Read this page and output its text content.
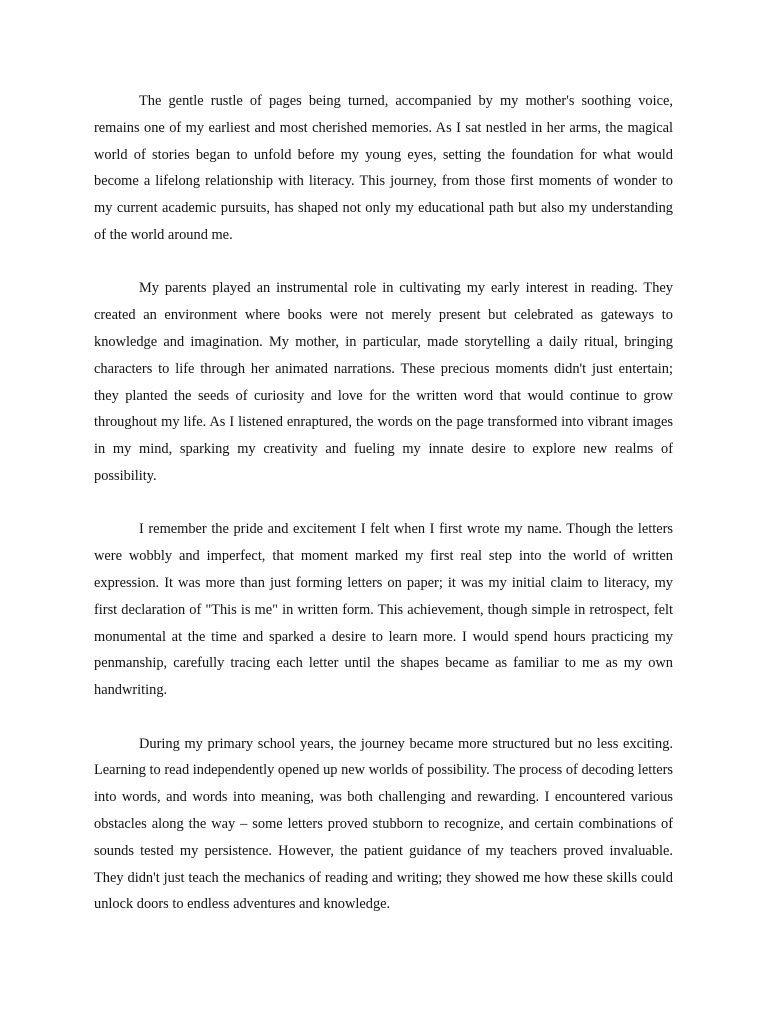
The gentle rustle of pages being turned, accompanied by my mother's soothing voice, remains one of my earliest and most cherished memories. As I sat nestled in her arms, the magical world of stories began to unfold before my young eyes, setting the foundation for what would become a lifelong relationship with literacy. This journey, from those first moments of wonder to my current academic pursuits, has shaped not only my educational path but also my understanding of the world around me.

My parents played an instrumental role in cultivating my early interest in reading. They created an environment where books were not merely present but celebrated as gateways to knowledge and imagination. My mother, in particular, made storytelling a daily ritual, bringing characters to life through her animated narrations. These precious moments didn't just entertain; they planted the seeds of curiosity and love for the written word that would continue to grow throughout my life. As I listened enraptured, the words on the page transformed into vibrant images in my mind, sparking my creativity and fueling my innate desire to explore new realms of possibility.

I remember the pride and excitement I felt when I first wrote my name. Though the letters were wobbly and imperfect, that moment marked my first real step into the world of written expression. It was more than just forming letters on paper; it was my initial claim to literacy, my first declaration of "This is me" in written form. This achievement, though simple in retrospect, felt monumental at the time and sparked a desire to learn more. I would spend hours practicing my penmanship, carefully tracing each letter until the shapes became as familiar to me as my own handwriting.

During my primary school years, the journey became more structured but no less exciting. Learning to read independently opened up new worlds of possibility. The process of decoding letters into words, and words into meaning, was both challenging and rewarding. I encountered various obstacles along the way – some letters proved stubborn to recognize, and certain combinations of sounds tested my persistence. However, the patient guidance of my teachers proved invaluable. They didn't just teach the mechanics of reading and writing; they showed me how these skills could unlock doors to endless adventures and knowledge.
